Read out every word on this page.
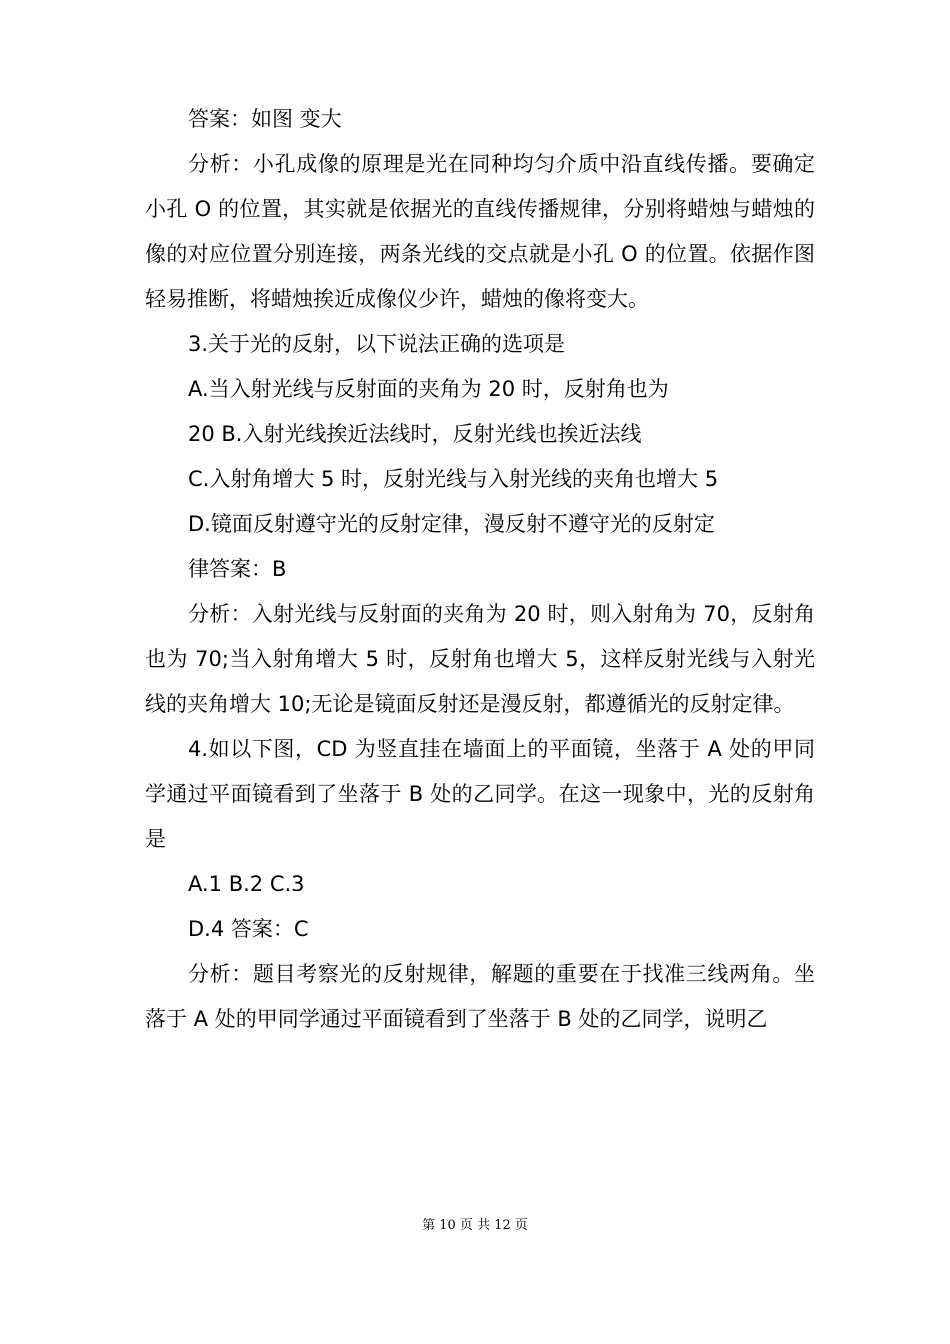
答案：如图 变大

分析：小孔成像的原理是光在同种均匀介质中沿直线传播。要确定小孔 O 的位置，其实就是依据光的直线传播规律，分别将蜡烛与蜡烛的像的对应位置分别连接，两条光线的交点就是小孔 O 的位置。依据作图轻易推断，将蜡烛挨近成像仪少许，蜡烛的像将变大。

3.关于光的反射，以下说法正确的选项是

A.当入射光线与反射面的夹角为 20 时，反射角也为

20 B.入射光线挨近法线时，反射光线也挨近法线

C.入射角增大 5 时，反射光线与入射光线的夹角也增大 5

D.镜面反射遵守光的反射定律，漫反射不遵守光的反射定

律答案：B

分析：入射光线与反射面的夹角为 20 时，则入射角为 70，反射角也为 70;当入射角增大 5 时，反射角也增大 5，这样反射光线与入射光线的夹角增大 10;无论是镜面反射还是漫反射，都遵循光的反射定律。

4.如以下图，CD 为竖直挂在墙面上的平面镜，坐落于 A 处的甲同学通过平面镜看到了坐落于 B 处的乙同学。在这一现象中，光的反射角是

A.1 B.2 C.3

D.4 答案：C

分析：题目考察光的反射规律，解题的重要在于找准三线两角。坐落于 A 处的甲同学通过平面镜看到了坐落于 B 处的乙同学，说明乙

第 10 页 共 12 页
